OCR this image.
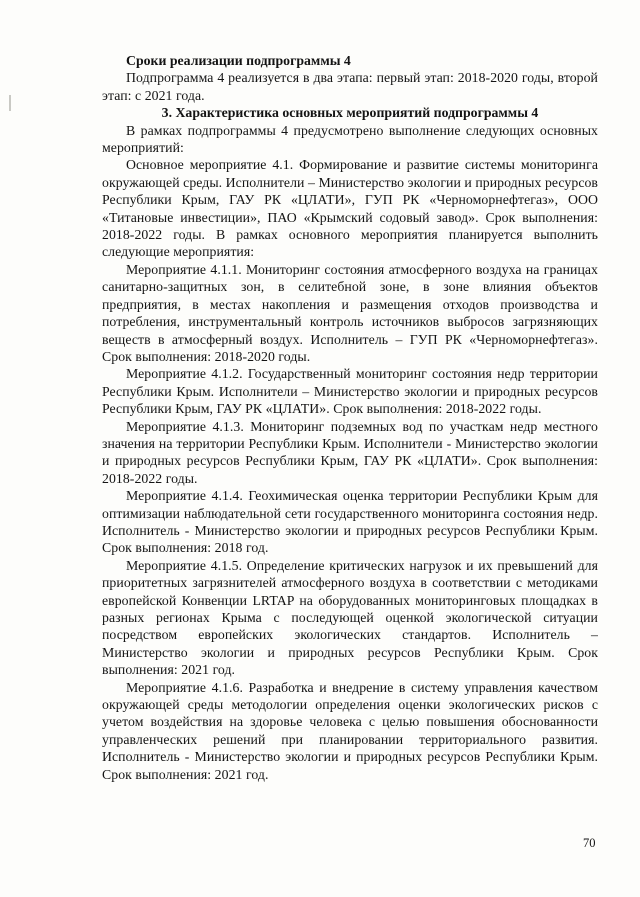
Сроки реализации подпрограммы 4

Подпрограмма 4 реализуется в два этапа: первый этап: 2018-2020 годы, второй этап: с 2021 года.

3. Характеристика основных мероприятий подпрограммы 4

В рамках подпрограммы 4 предусмотрено выполнение следующих основных мероприятий:

Основное мероприятие 4.1. Формирование и развитие системы мониторинга окружающей среды. Исполнители – Министерство экологии и природных ресурсов Республики Крым, ГАУ РК «ЦЛАТИ», ГУП РК «Черноморнефтегаз», ООО «Титановые инвестиции», ПАО «Крымский содовый завод». Срок выполнения: 2018-2022 годы. В рамках основного мероприятия планируется выполнить следующие мероприятия:

Мероприятие 4.1.1. Мониторинг состояния атмосферного воздуха на границах санитарно-защитных зон, в селитебной зоне, в зоне влияния объектов предприятия, в местах накопления и размещения отходов производства и потребления, инструментальный контроль источников выбросов загрязняющих веществ в атмосферный воздух. Исполнитель – ГУП РК «Черноморнефтегаз». Срок выполнения: 2018-2020 годы.

Мероприятие 4.1.2. Государственный мониторинг состояния недр территории Республики Крым. Исполнители – Министерство экологии и природных ресурсов Республики Крым, ГАУ РК «ЦЛАТИ». Срок выполнения: 2018-2022 годы.

Мероприятие 4.1.3. Мониторинг подземных вод по участкам недр местного значения на территории Республики Крым. Исполнители - Министерство экологии и природных ресурсов Республики Крым, ГАУ РК «ЦЛАТИ». Срок выполнения: 2018-2022 годы.

Мероприятие 4.1.4. Геохимическая оценка территории Республики Крым для оптимизации наблюдательной сети государственного мониторинга состояния недр. Исполнитель - Министерство экологии и природных ресурсов Республики Крым. Срок выполнения: 2018 год.

Мероприятие 4.1.5. Определение критических нагрузок и их превышений для приоритетных загрязнителей атмосферного воздуха в соответствии с методиками европейской Конвенции LRTAP на оборудованных мониторинговых площадках в разных регионах Крыма с последующей оценкой экологической ситуации посредством европейских экологических стандартов. Исполнитель – Министерство экологии и природных ресурсов Республики Крым. Срок выполнения: 2021 год.

Мероприятие 4.1.6. Разработка и внедрение в систему управления качеством окружающей среды методологии определения оценки экологических рисков с учетом воздействия на здоровье человека с целью повышения обоснованности управленческих решений при планировании территориального развития. Исполнитель - Министерство экологии и природных ресурсов Республики Крым. Срок выполнения: 2021 год.

70
